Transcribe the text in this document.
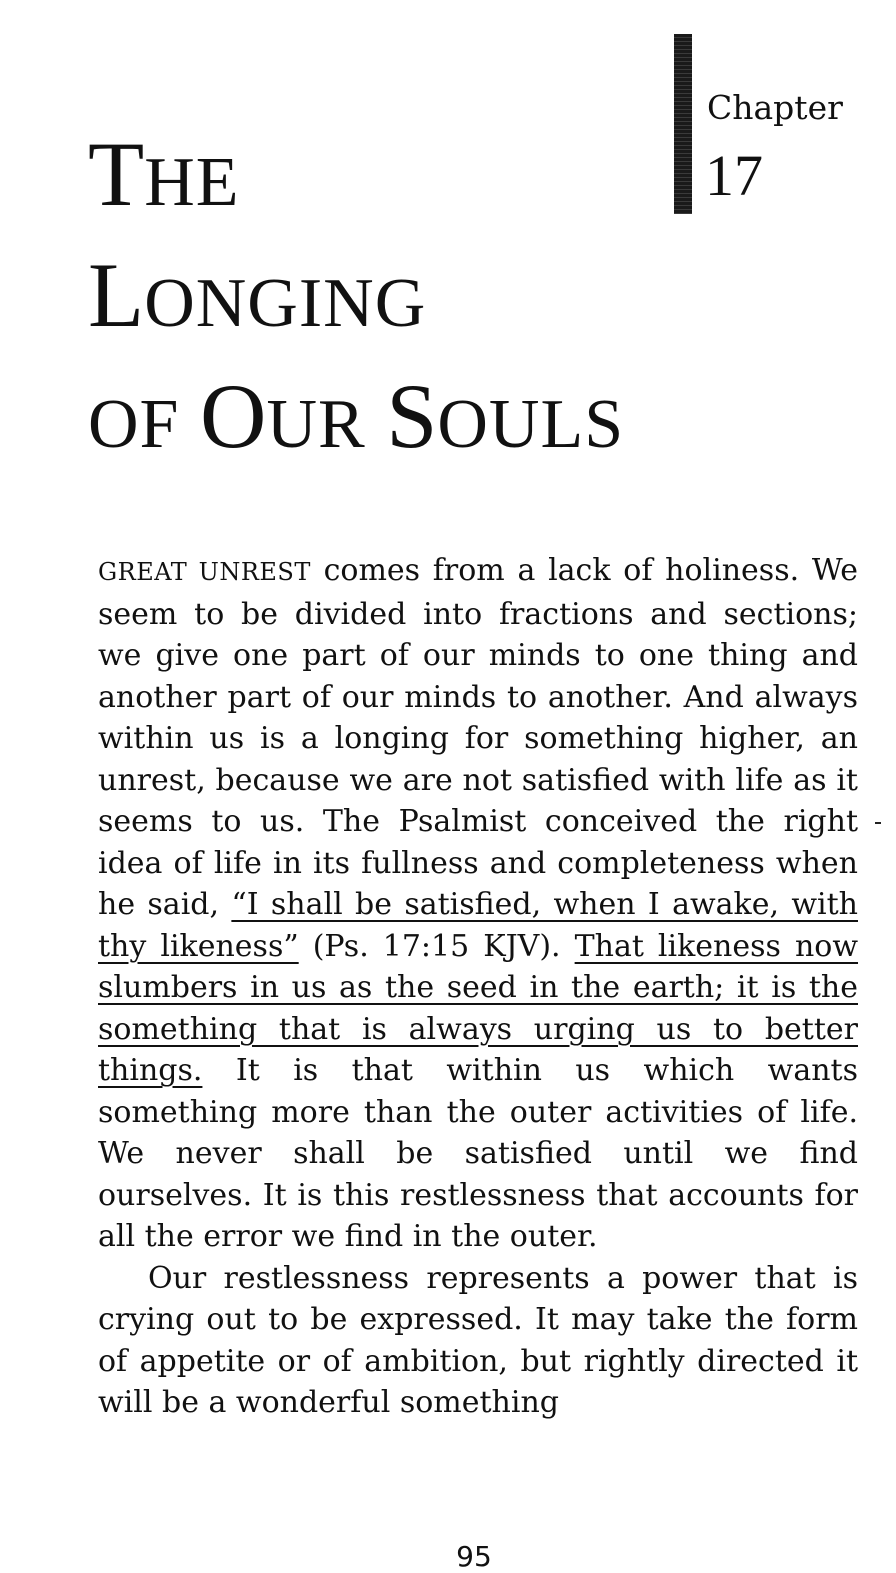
THE
LONGING
OF OUR SOULS
Chapter
17

GREAT UNREST comes from a lack of holiness. We seem to be divided into fractions and sections; we give one part of our minds to one thing and another part of our minds to another. And always within us is a longing for something higher, an unrest, because we are not satisfied with life as it seems to us. The Psalmist conceived the right idea of life in its fullness and completeness when he said, “I shall be satisfied, when I awake, with thy likeness” (Ps. 17:15 KJV). That likeness now slumbers in us as the seed in the earth; it is the something that is always urging us to better things. It is that within us which wants something more than the outer activities of life. We never shall be satisfied until we find ourselves. It is this restlessness that accounts for all the error we find in the outer.

Our restlessness represents a power that is crying out to be expressed. It may take the form of appetite or of ambition, but rightly directed it will be a wonderful something

95
